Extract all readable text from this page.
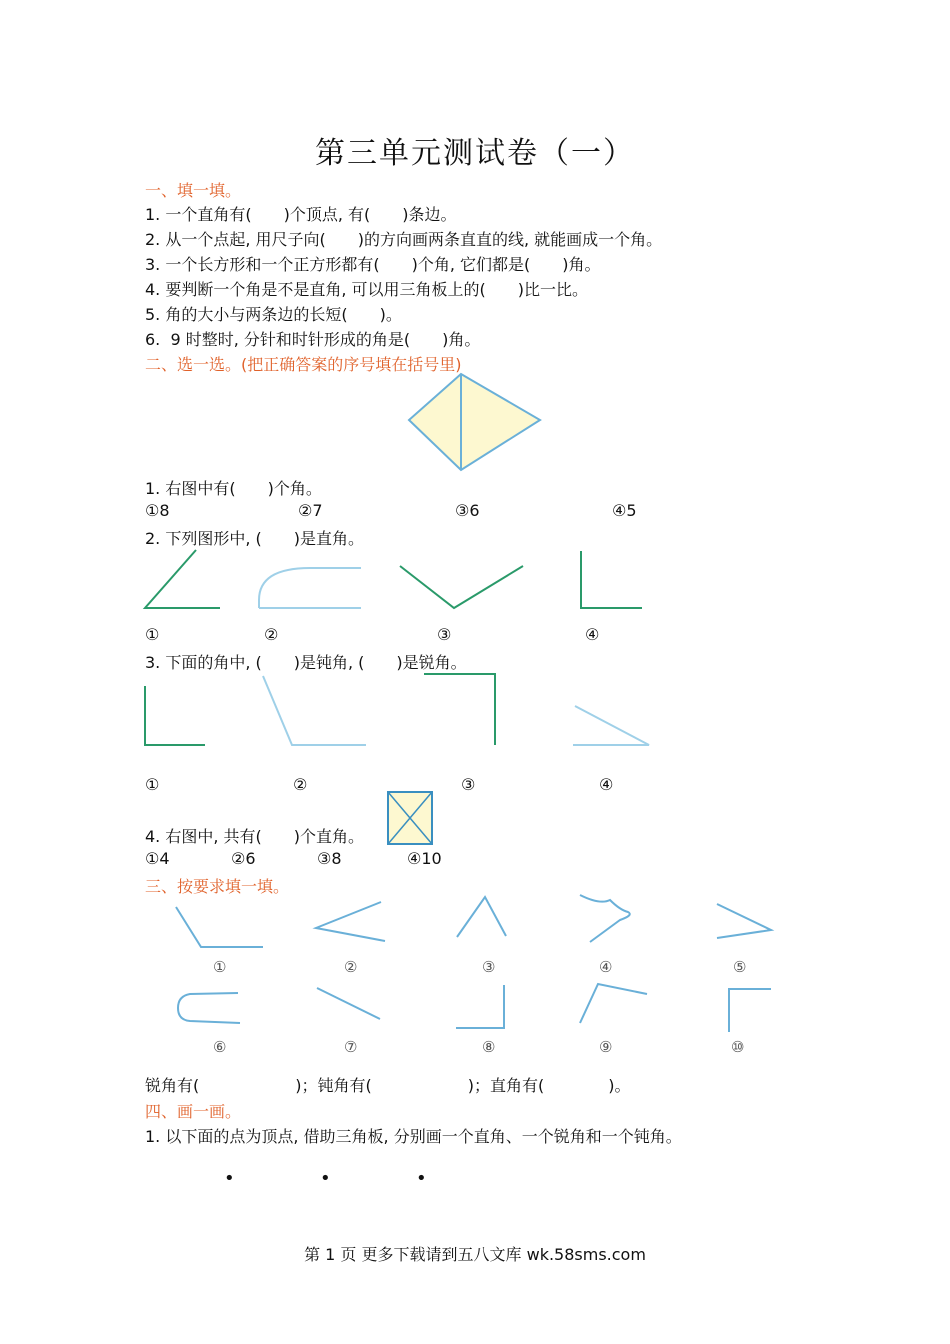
第三单元测试卷（一）
一、填一填。
1. 一个直角有(　　)个顶点, 有(　　)条边。
2. 从一个点起, 用尺子向(　　)的方向画两条直直的线, 就能画成一个角。
3. 一个长方形和一个正方形都有(　　)个角, 它们都是(　　)角。
4. 要判断一个角是不是直角, 可以用三角板上的(　　)比一比。
5. 角的大小与两条边的长短(　　)。
6.  9 时整时, 分针和时针形成的角是(　　)角。
二、选一选。(把正确答案的序号填在括号里)
1. 右图中有(　　)个角。
①8	②7	③6	④5
2. 下列图形中, (　　)是直角。
①	②	③	④
3. 下面的角中, (　　)是钝角, (　　)是锐角。
①	②	③	④
4. 右图中, 共有(　　)个直角。
①4	②6	③8	④10
三、按要求填一填。
①	②	③	④	⑤
⑥	⑦	⑧	⑨	⑩
锐角有(　　　　　　)；钝角有(　　　　　　)；直角有(　　　　)。
四、画一画。
1. 以下面的点为顶点, 借助三角板, 分别画一个直角、一个锐角和一个钝角。
•	•	•
第 1 页 更多下载请到五八文库 wk.58sms.com
